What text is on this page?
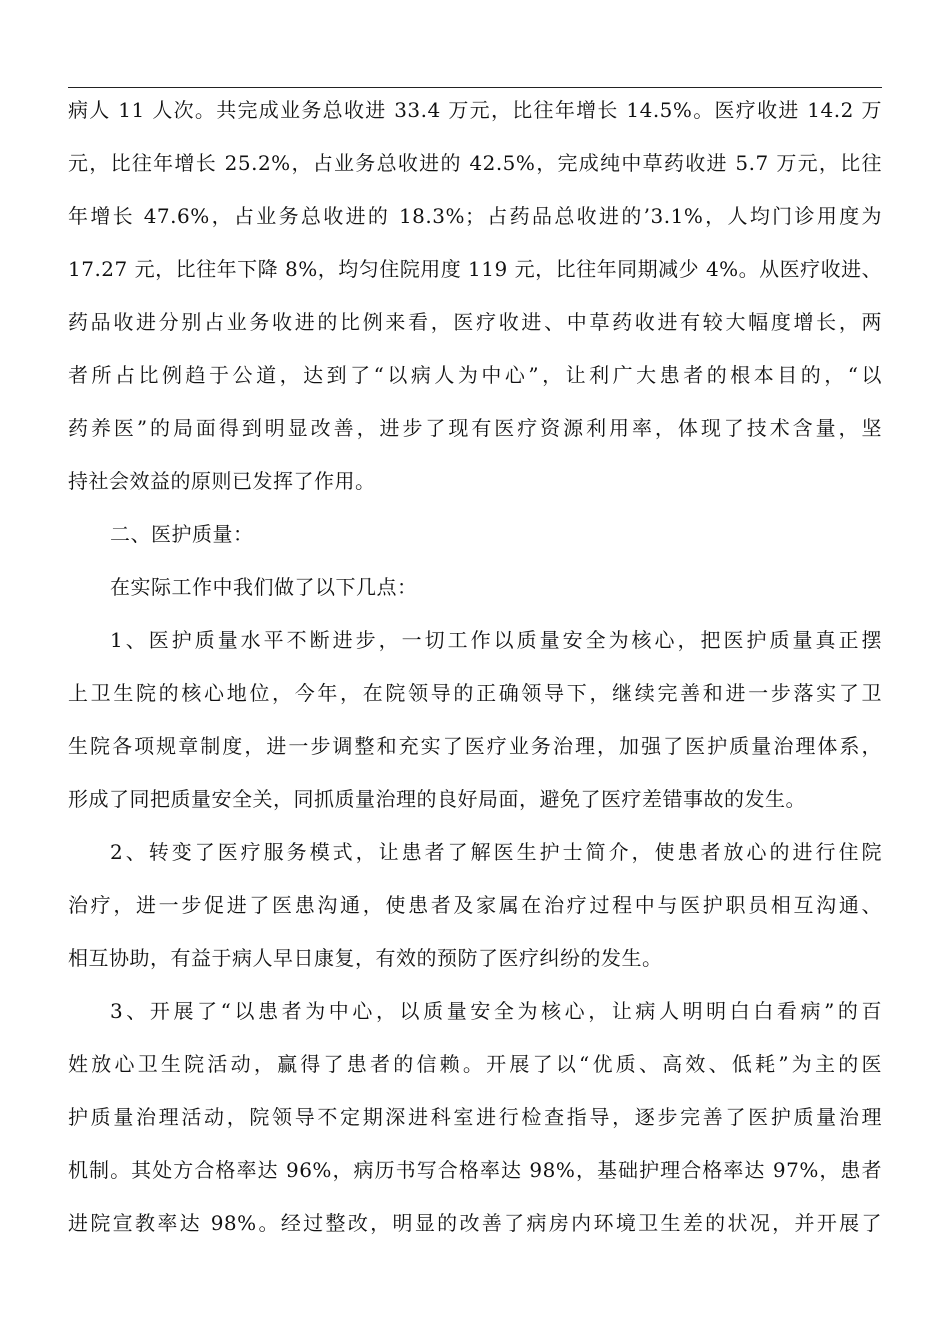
病人 11 人次。共完成业务总收进 33.4 万元，比往年增长 14.5%。医疗收进 14.2 万
元，比往年增长 25.2%，占业务总收进的 42.5%，完成纯中草药收进 5.7 万元，比往
年增长 47.6%，占业务总收进的 18.3%；占药品总收进的’3.1%，人均门诊用度为
17.27 元，比往年下降 8%，均匀住院用度 119 元，比往年同期减少 4%。从医疗收进、
药品收进分别占业务收进的比例来看，医疗收进、中草药收进有较大幅度增长，两
者所占比例趋于公道，达到了“以病人为中心”，让利广大患者的根本目的，“以
药养医”的局面得到明显改善，进步了现有医疗资源利用率，体现了技术含量，坚
持社会效益的原则已发挥了作用。
二、医护质量：
在实际工作中我们做了以下几点：
1、医护质量水平不断进步，一切工作以质量安全为核心，把医护质量真正摆
上卫生院的核心地位，今年，在院领导的正确领导下，继续完善和进一步落实了卫
生院各项规章制度，进一步调整和充实了医疗业务治理，加强了医护质量治理体系，
形成了同把质量安全关，同抓质量治理的良好局面，避免了医疗差错事故的发生。
2、转变了医疗服务模式，让患者了解医生护士简介，使患者放心的进行住院
治疗，进一步促进了医患沟通，使患者及家属在治疗过程中与医护职员相互沟通、
相互协助，有益于病人早日康复，有效的预防了医疗纠纷的发生。
3、开展了“以患者为中心，以质量安全为核心，让病人明明白白看病”的百
姓放心卫生院活动，赢得了患者的信赖。开展了以“优质、高效、低耗”为主的医
护质量治理活动，院领导不定期深进科室进行检查指导，逐步完善了医护质量治理
机制。其处方合格率达 96%，病历书写合格率达 98%，基础护理合格率达 97%，患者
进院宣教率达 98%。经过整改，明显的改善了病房内环境卫生差的状况，并开展了
